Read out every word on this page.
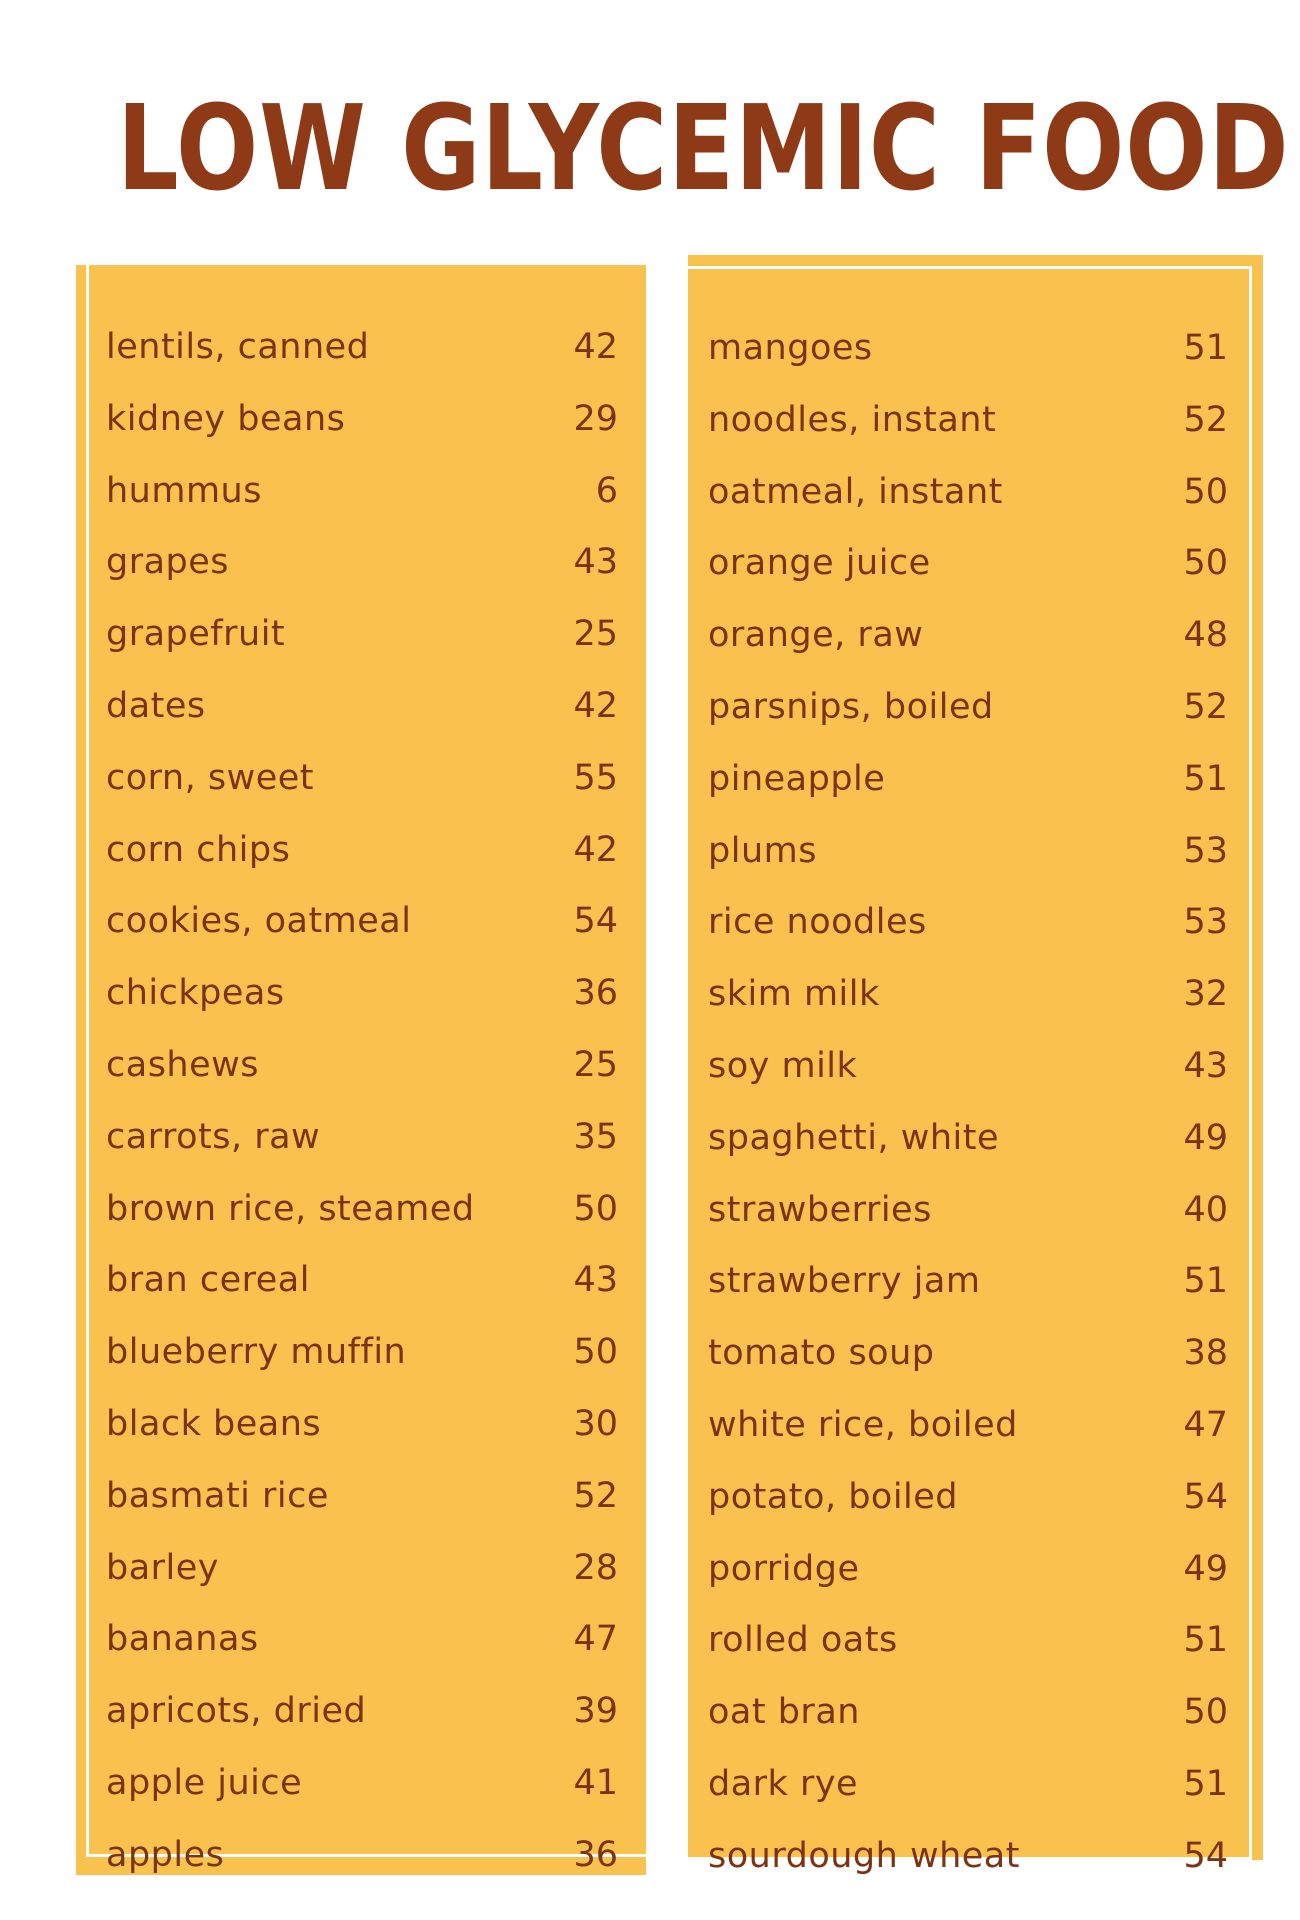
LOW GLYCEMIC FOOD
lentils, canned	42
kidney beans	29
hummus	6
grapes	43
grapefruit	25
dates	42
corn, sweet	55
corn chips	42
cookies, oatmeal	54
chickpeas	36
cashews	25
carrots, raw	35
brown rice, steamed	50
bran cereal	43
blueberry muffin	50
black beans	30
basmati rice	52
barley	28
bananas	47
apricots, dried	39
apple juice	41
apples	36
mangoes	51
noodles, instant	52
oatmeal, instant	50
orange juice	50
orange, raw	48
parsnips, boiled	52
pineapple	51
plums	53
rice noodles	53
skim milk	32
soy milk	43
spaghetti, white	49
strawberries	40
strawberry jam	51
tomato soup	38
white rice, boiled	47
potato, boiled	54
porridge	49
rolled oats	51
oat bran	50
dark rye	51
sourdough wheat	54
